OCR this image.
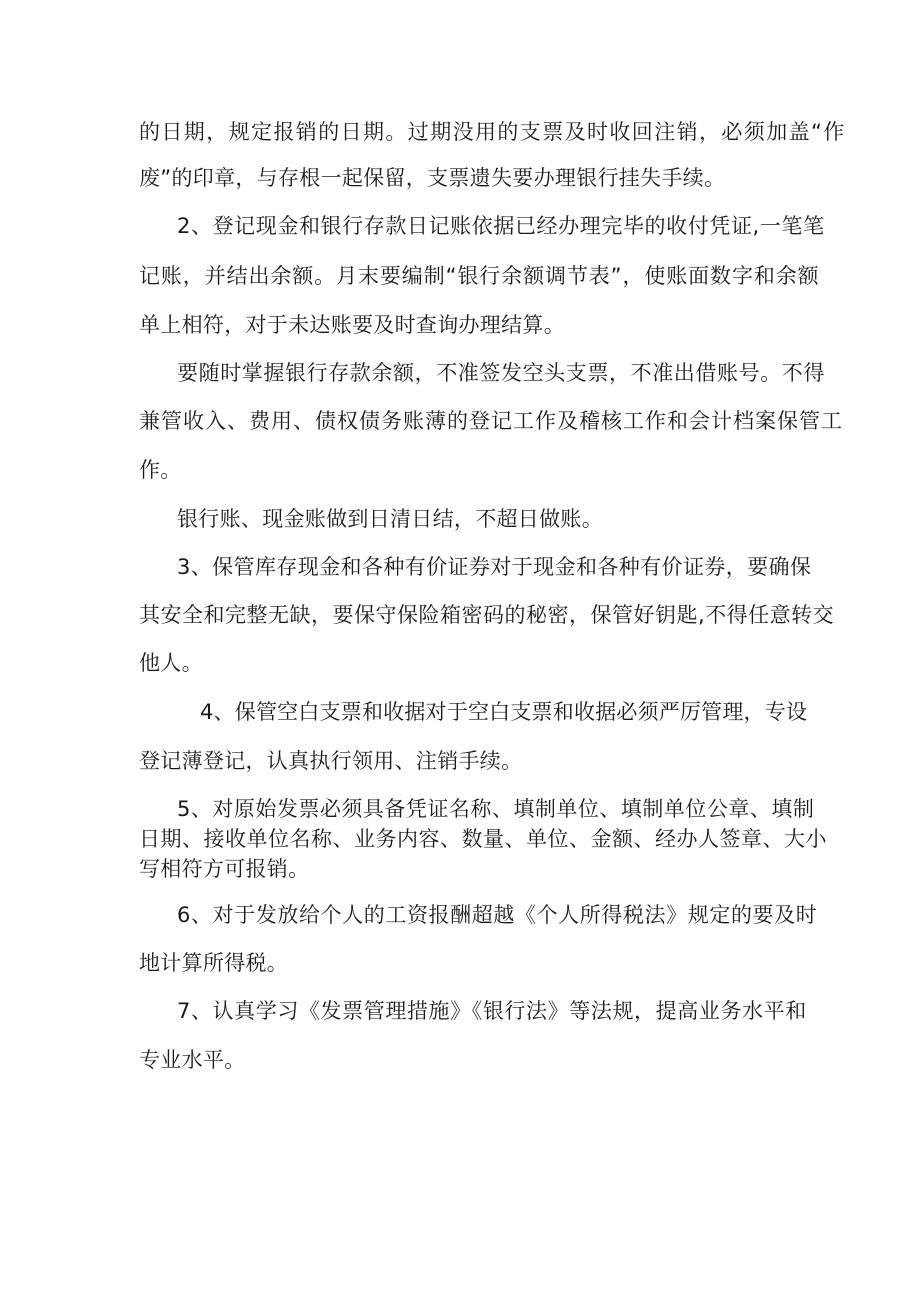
的日期，规定报销的日期。过期没用的支票及时收回注销，必须加盖“作
废”的印章，与存根一起保留，支票遗失要办理银行挂失手续。
2、登记现金和银行存款日记账依据已经办理完毕的收付凭证,一笔笔
记账，并结出余额。月末要编制“银行余额调节表”，使账面数字和余额
单上相符，对于未达账要及时查询办理结算。
要随时掌握银行存款余额，不准签发空头支票，不准出借账号。不得
兼管收入、费用、债权债务账薄的登记工作及稽核工作和会计档案保管工
作。
银行账、现金账做到日清日结，不超日做账。
3、保管库存现金和各种有价证券对于现金和各种有价证券，要确保
其安全和完整无缺，要保守保险箱密码的秘密，保管好钥匙,不得任意转交
他人。
4、保管空白支票和收据对于空白支票和收据必须严厉管理，专设
登记薄登记，认真执行领用、注销手续。
5、对原始发票必须具备凭证名称、填制单位、填制单位公章、填制
日期、接收单位名称、业务内容、数量、单位、金额、经办人签章、大小
写相符方可报销。
6、对于发放给个人的工资报酬超越《个人所得税法》规定的要及时
地计算所得税。
7、认真学习《发票管理措施》《银行法》等法规，提高业务水平和
专业水平。
